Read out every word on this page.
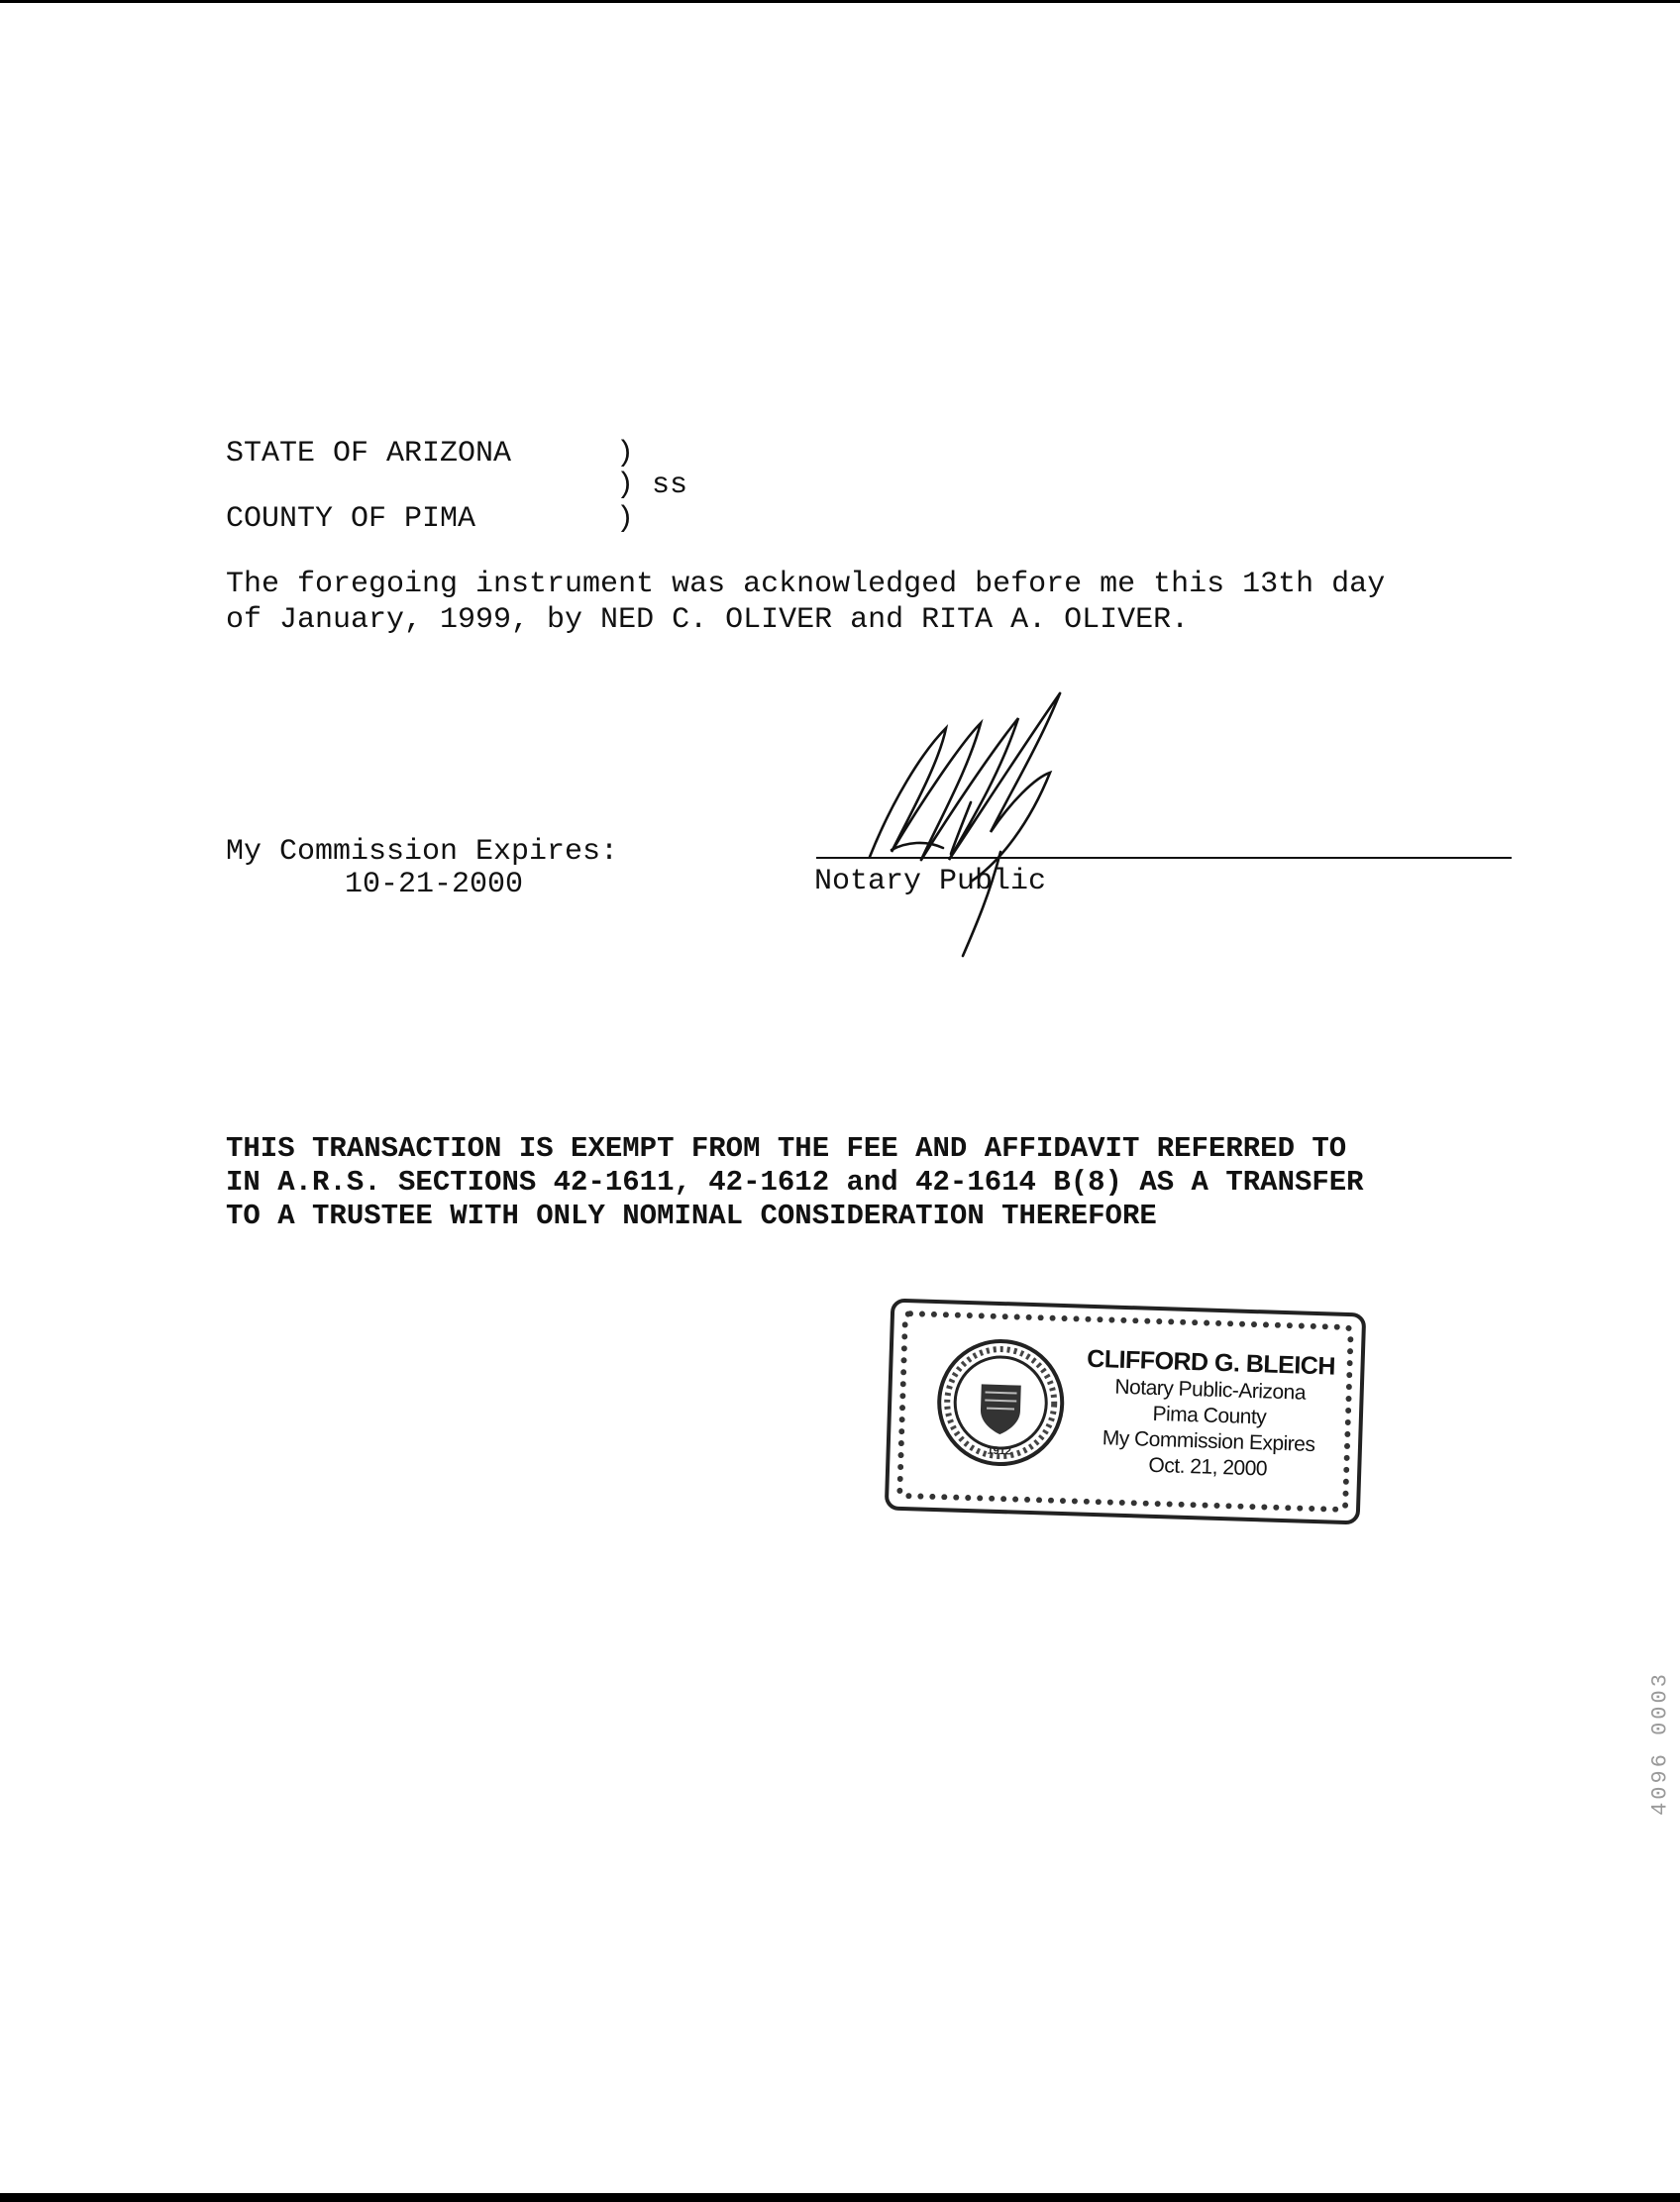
STATE OF ARIZONA	)
) ss
COUNTY OF PIMA	)
The foregoing instrument was acknowledged before me this 13th day
of January, 1999, by NED C. OLIVER and RITA A. OLIVER.
My Commission Expires:
10-21-2000	Notary Public
THIS TRANSACTION IS EXEMPT FROM THE FEE AND AFFIDAVIT REFERRED TO
IN A.R.S. SECTIONS 42-1611, 42-1612 and 42-1614 B(8) AS A TRANSFER
TO A TRUSTEE WITH ONLY NOMINAL CONSIDERATION THEREFORE
1912
CLIFFORD G. BLEICH
Notary Public-Arizona
Pima County
My Commission Expires
Oct. 21, 2000
4096 0003
